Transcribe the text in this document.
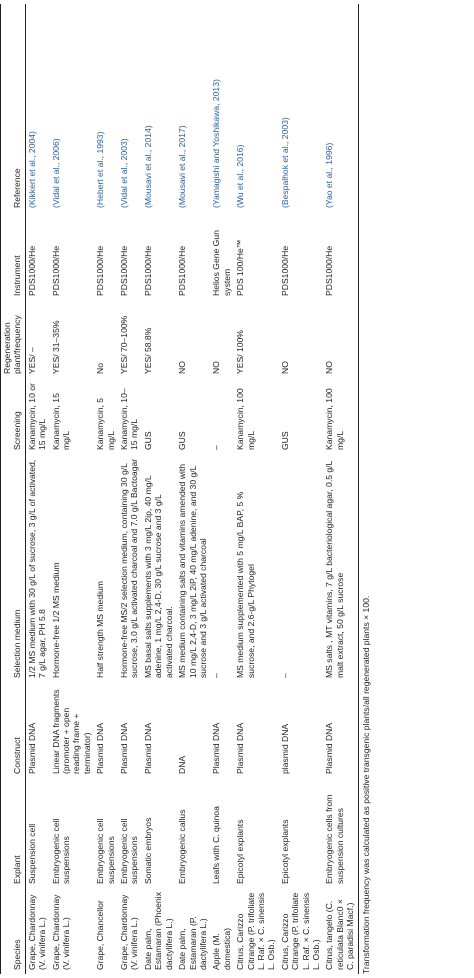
Species	Explant	Construct	Selection medium	Screening	Regeneration plant/frequency	Instrument	Reference
Grape, Chardonnay (V. vinifera L.)	Suspension cell	Plasmid DNA	1/2 MS medium with 30 g/L of sucrose, 3 g/L of activated, 7 g/L agar, PH 5.8	Kanamycin, 10 or 15 mg/L	YES/ –	PDS1000/He	(Kikkert et al., 2004)
Grape, Chardonnay (V. vinifera L.)	Embryogenic cell suspensions	Linear DNA fragments (promoter + open reading frame + terminator)	Hormone-free 1/2 MS medium	Kanamycin, 15 mg/L	YES/ 31–35%	PDS1000/He	(Vidal et al., 2006)
Grape, Chancellor	Embryogenic cell suspensions	Plasmid DNA	Half strength MS medium	Kanamycin, 5 mg/L	No	PDS1000/He	(Hebert et al., 1993)
Grape, Chardonnay (V. vinifera L.)	Embryogenic cell suspensions	Plasmid DNA	Hormone-free MS/2 selection medium, containing 30 g/L sucrose, 3.0 g/L activated charcoal and 7.0 g/L Bactoagar	Kanamycin, 10–15 mg/L	YES/ 70–100%	PDS1000/He	(Vidal et al., 2003)
Date palm, Estamaran (Phoenix dactylifera L.)	Somatic embryos	Plasmid DNA	MS basal salts supplements with 3 mg/L 2ip, 40 mg/L adenine, 1 mg/L 2,4-D, 30 g/L sucrose and 3 g/L activated charcoal.	GUS	YES/ 58.8%	PDS1000/He	(Mousavi et al., 2014)
Date palm, Estamaran (P. dactylifera L.)	Embryogenic callus	DNA	MS medium containing salts and vitamins amended with 10 mg/L 2,4-D, 3 mg/L 2iP, 40 mg/L adenine, and 30 g/L sucrose and 3 g/L activated charcoal	GUS	NO	PDS1000/He	(Mousavi et al., 2017)
Apple (M. domestica)	Leafs with C. quinoa	Plasmid DNA	–	–	NO	Helios Gene Gun system	(Yamagishi and Yoshikawa, 2013)
Citrus, Carizzo Citrange (P. trifoliate L. Raf. × C. sinensis L. Osb.)	Epicotyl explants	Plasmid DNA	MS medium supplemented with 5 mg/L BAP, 5 % sucrose, and 2.6-g/L Phytogel	Kanamycin, 100 mg/L	YES/ 100%	PDS 100/He™	(Wu et al., 2016)
Citrus, Carizzo Citrange (P. trifoliate L. Raf. × C. sinensis L. Osb.)	Epicotyl explants	plasmid DNA	–	GUS	NO	PDS1000/He	(Bespalhok et al., 2003)
Citrus, tangelo (C. reticulata Blanc0 × C. paradisi Macf.)	Embryogenic cells from suspension cultures	Plasmid DNA	MS salts , MT vitamins, 7 g/L bacteriological agar, 0.5 g/L malt extract, 50 g/L sucrose	Kanamycin, 100 mg/L	NO	PDS1000/He	(Yao et al., 1996)
Transformation frequency was calculated as positive transgenic plants/all regenerated plants × 100.
